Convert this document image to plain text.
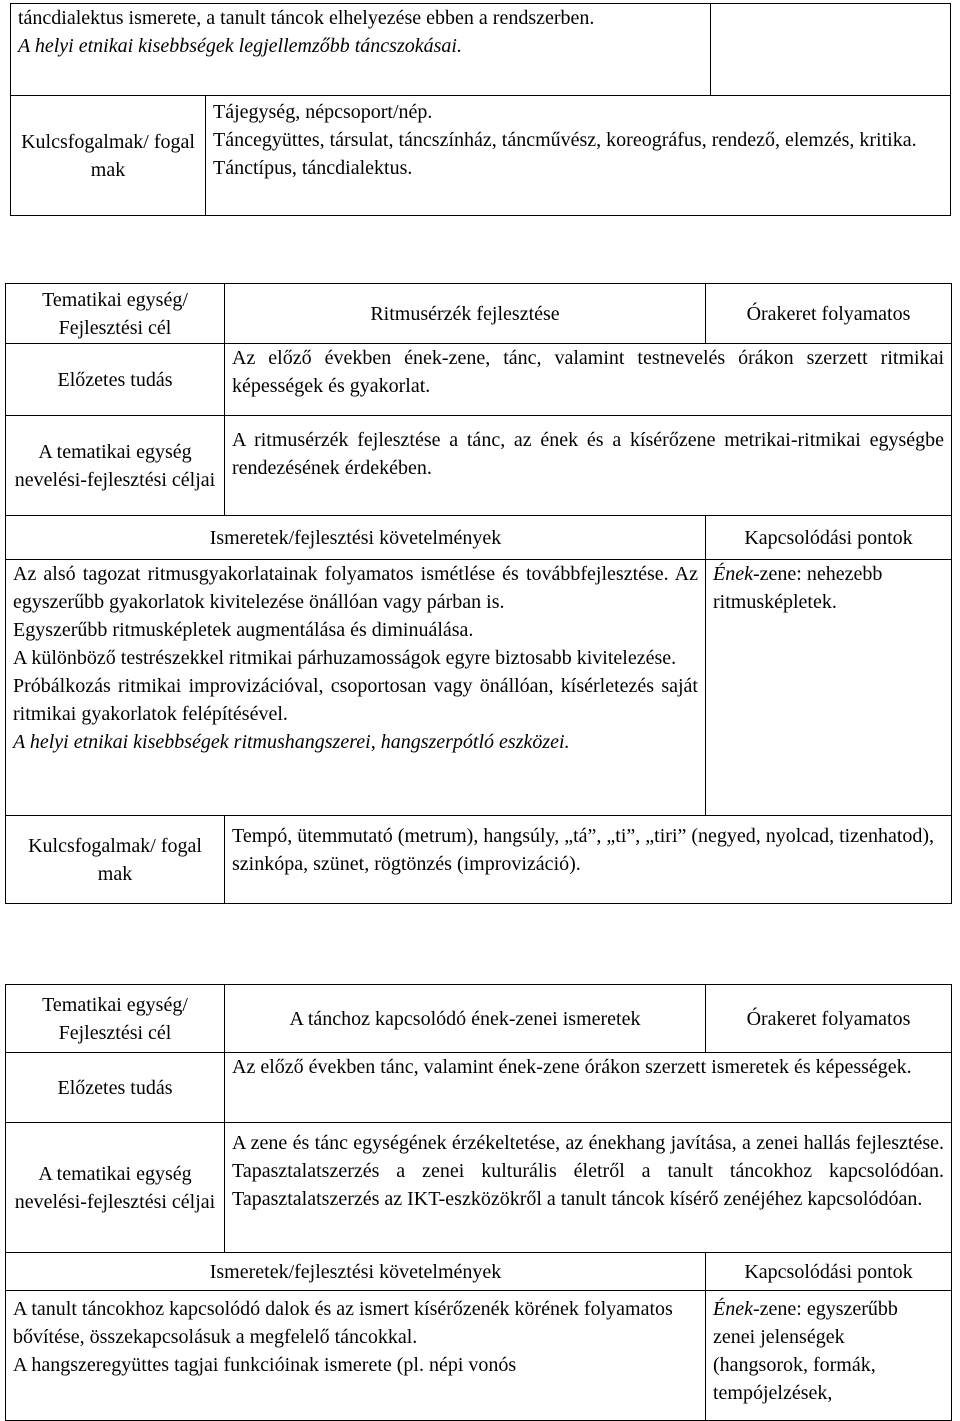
táncdialektus ismerete, a tanult táncok elhelyezése ebben a rendszerben.

A helyi etnikai kisebbségek legjellemzőbb táncszokásai.		

Kulcsfogalmak/ fogal mak	Tájegység, népcsoport/nép.

Táncegyüttes, társulat, táncszínház, táncművész, koreográfus, rendező, elemzés, kritika.

Tánctípus, táncdialektus.	

Tematikai egység/ Fejlesztési cél	Ritmusérzék fejlesztése	Órakeret folyamatos
Előzetes tudás	Az előző években ének-zene, tánc, valamint testnevelés órákon szerzett ritmikai képességek és gyakorlat.	
A tematikai egység nevelési-fejlesztési céljai	A ritmusérzék fejlesztése a tánc, az ének és a kísérőzene metrikai-ritmikai egységbe rendezésének érdekében.	
Ismeretek/fejlesztési követelmények		Kapcsolódási pontok

Az alsó tagozat ritmusgyakorlatainak folyamatos ismétlése és továbbfejlesztése. Az egyszerűbb gyakorlatok kivitelezése önállóan vagy párban is.

Egyszerűbb ritmusképletek augmentálása és diminuálása.

A különböző testrészekkel ritmikai párhuzamosságok egyre biztosabb kivitelezése.

Próbálkozás ritmikai improvizációval, csoportosan vagy önállóan, kísérletezés saját ritmikai gyakorlatok felépítésével.

A helyi etnikai kisebbségek ritmushangszerei, hangszerpótló eszközei.		Ének-zene: nehezebb ritmusképletek.
Kulcsfogalmak/ fogal mak	Tempó, ütemmutató (metrum), hangsúly, „tá”, „ti”, „tiri” (negyed, nyolcad, tizenhatod), szinkópa, szünet, rögtönzés (improvizáció).	
Tematikai egység/ Fejlesztési cél	A tánchoz kapcsolódó ének-zenei ismeretek	Órakeret folyamatos
Előzetes tudás	Az előző években tánc, valamint ének-zene órákon szerzett ismeretek és képességek.	
A tematikai egység nevelési-fejlesztési céljai	A zene és tánc egységének érzékeltetése, az énekhang javítása, a zenei hallás fejlesztése. Tapasztalatszerzés a zenei kulturális életről a tanult táncokhoz kapcsolódóan. Tapasztalatszerzés az IKT-eszközökről a tanult táncok kísérő zenéjéhez kapcsolódóan.	
Ismeretek/fejlesztési követelmények		Kapcsolódási pontok

A tanult táncokhoz kapcsolódó dalok és az ismert kísérőzenék körének folyamatos bővítése, összekapcsolásuk a megfelelő táncokkal.

A hangszeregyüttes tagjai funkcióinak ismerete (pl. népi vonós		Ének-zene: egyszerűbb zenei jelenségek (hangsorok, formák, tempójelzések,
